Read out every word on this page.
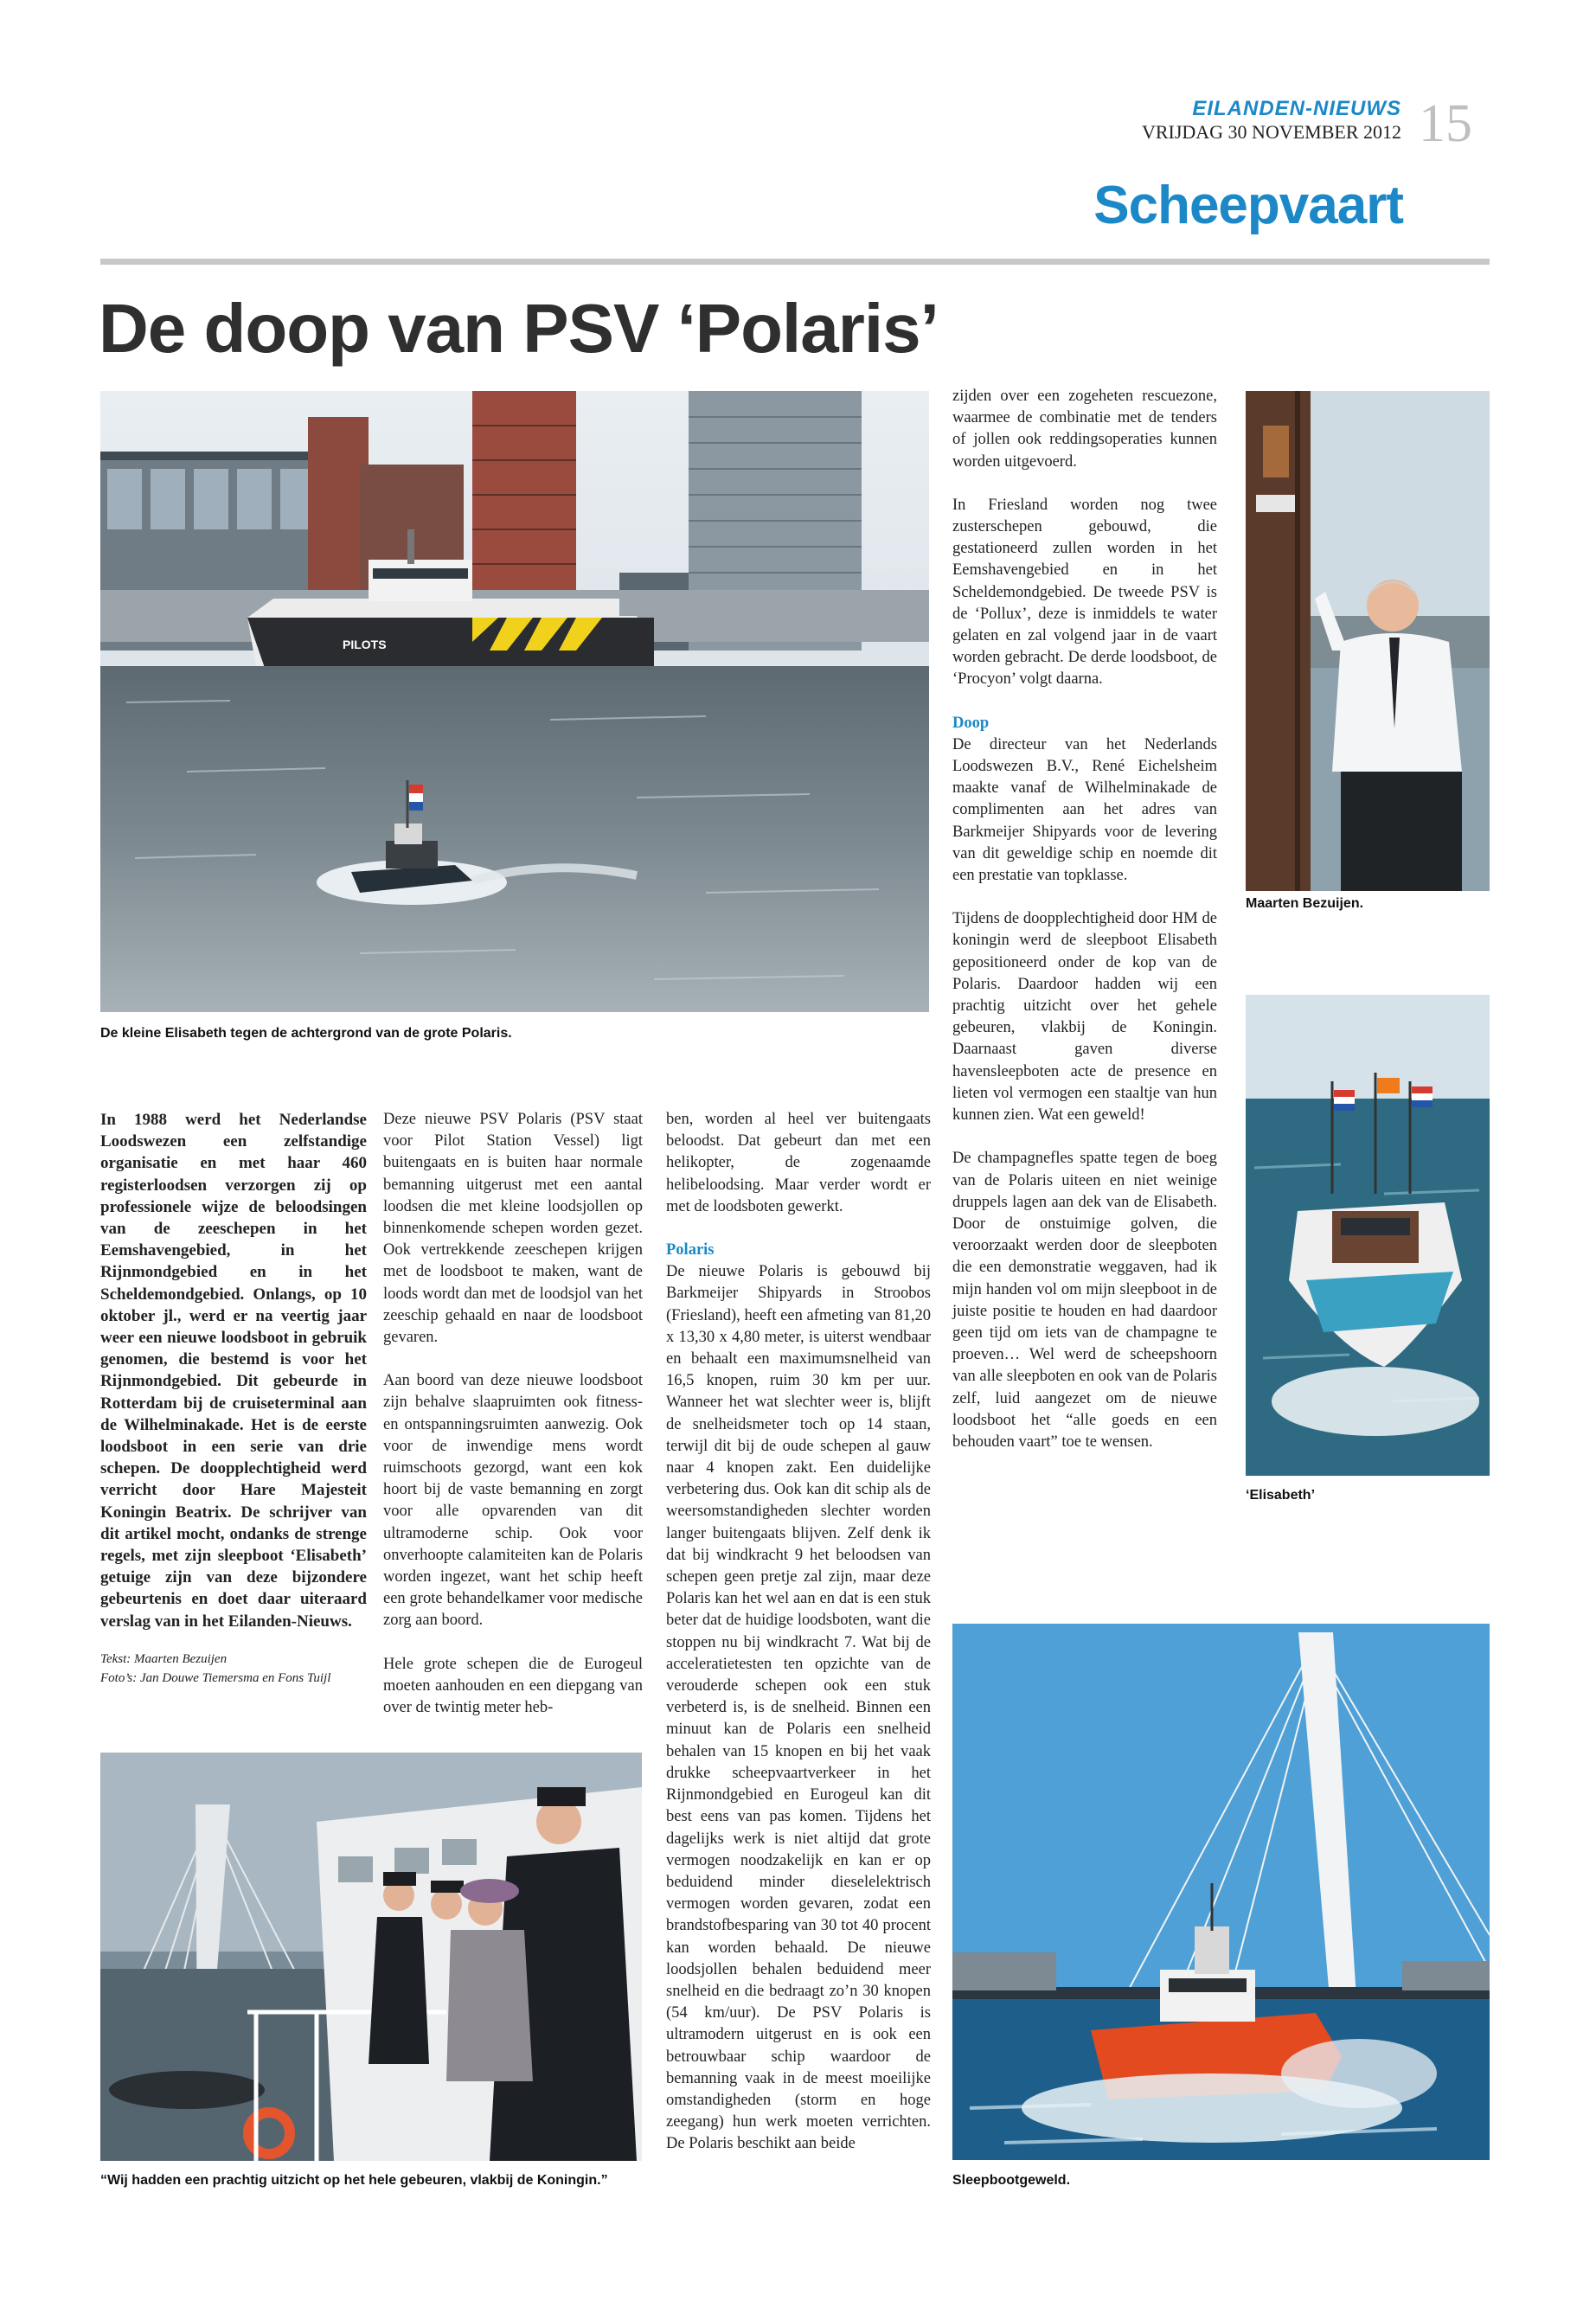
EILANDEN-NIEUWS
VRIJDAG 30 NOVEMBER 2012 15
Scheepvaart
De doop van PSV ‘Polaris’
PILOTS
De kleine Elisabeth tegen de achtergrond van de grote Polaris.
Maarten Bezuijen.
‘Elisabeth’
“Wij hadden een prachtig uitzicht op het hele gebeuren, vlakbij de Koningin.”	Sleepbootgeweld.

In 1988 werd het Nederlandse Loodswezen een zelfstandige organisatie en met haar 460 registerloodsen verzorgen zij op professionele wijze de beloodsingen van de zeeschepen in het Eemshavengebied, in het Rijnmondgebied en in het Scheldemondgebied. Onlangs, op 10 oktober jl., werd er na veertig jaar weer een nieuwe loodsboot in gebruik genomen, die bestemd is voor het Rijnmondgebied. Dit gebeurde in Rotterdam bij de cruiseterminal aan de Wilhelminakade. Het is de eerste loodsboot in een serie van drie schepen. De doopplechtigheid werd verricht door Hare Majesteit Koningin Beatrix. De schrijver van dit artikel mocht, ondanks de strenge regels, met zijn sleepboot ‘Elisabeth’ getuige zijn van deze bijzondere gebeurtenis en doet daar uiteraard verslag van in het Eilanden-Nieuws.

Tekst: Maarten Bezuijen
Foto’s: Jan Douwe Tiemersma en Fons Tuijl

Deze nieuwe PSV Polaris (PSV staat voor Pilot Station Vessel) ligt buitengaats en is buiten haar normale bemanning uitgerust met een aantal loodsen die met kleine loodsjollen op binnenkomende schepen worden gezet. Ook vertrekkende zeeschepen krijgen met de loodsboot te maken, want de loods wordt dan met de loodsjol van het zeeschip gehaald en naar de loodsboot gevaren.

Aan boord van deze nieuwe loodsboot zijn behalve slaapruimten ook fitness- en ontspanningsruimten aanwezig. Ook voor de inwendige mens wordt ruimschoots gezorgd, want een kok hoort bij de vaste bemanning en zorgt voor alle opvarenden van dit ultramoderne schip. Ook voor onverhoopte calamiteiten kan de Polaris worden ingezet, want het schip heeft een grote behandelkamer voor medische zorg aan boord.

Hele grote schepen die de Eurogeul moeten aanhouden en een diepgang van over de twintig meter heb-

ben, worden al heel ver buitengaats beloodst. Dat gebeurt dan met een helikopter, de zogenaamde helibeloodsing. Maar verder wordt er met de loodsboten gewerkt.

Polaris

De nieuwe Polaris is gebouwd bij Barkmeijer Shipyards in Stroobos (Friesland), heeft een afmeting van 81,20 x 13,30 x 4,80 meter, is uiterst wendbaar en behaalt een maximumsnelheid van 16,5 knopen, ruim 30 km per uur. Wanneer het wat slechter weer is, blijft de snelheidsmeter toch op 14 staan, terwijl dit bij de oude schepen al gauw naar 4 knopen zakt. Een duidelijke verbetering dus. Ook kan dit schip als de weersomstandigheden slechter worden langer buitengaats blijven. Zelf denk ik dat bij windkracht 9 het beloodsen van schepen geen pretje zal zijn, maar deze Polaris kan het wel aan en dat is een stuk beter dat de huidige loodsboten, want die stoppen nu bij windkracht 7. Wat bij de acceleratietesten ten opzichte van de verouderde schepen ook een stuk verbeterd is, is de snelheid. Binnen een minuut kan de Polaris een snelheid behalen van 15 knopen en bij het vaak drukke scheepvaartverkeer in het Rijnmondgebied en Eurogeul kan dit best eens van pas komen. Tijdens het dagelijks werk is niet altijd dat grote vermogen noodzakelijk en kan er op beduidend minder dieselelektrisch vermogen worden gevaren, zodat een brandstofbesparing van 30 tot 40 procent kan worden behaald. De nieuwe loodsjollen behalen beduidend meer snelheid en die bedraagt zo’n 30 knopen (54 km/uur). De PSV Polaris is ultramodern uitgerust en is ook een betrouwbaar schip waardoor de bemanning vaak in de meest moeilijke omstandigheden (storm en hoge zeegang) hun werk moeten verrichten. De Polaris beschikt aan beide

zijden over een zogeheten rescuezone, waarmee de combinatie met de tenders of jollen ook reddingsoperaties kunnen worden uitgevoerd.

In Friesland worden nog twee zusterschepen gebouwd, die gestationeerd zullen worden in het Eemshavengebied en in het Scheldemondgebied. De tweede PSV is de ‘Pollux’, deze is inmiddels te water gelaten en zal volgend jaar in de vaart worden gebracht. De derde loodsboot, de ‘Procyon’ volgt daarna.

Doop

De directeur van het Nederlands Loodswezen B.V., René Eichelsheim maakte vanaf de Wilhelminakade de complimenten aan het adres van Barkmeijer Shipyards voor de levering van dit geweldige schip en noemde dit een prestatie van topklasse.

Tijdens de doopplechtigheid door HM de koningin werd de sleepboot Elisabeth gepositioneerd onder de kop van de Polaris. Daardoor hadden wij een prachtig uitzicht over het gehele gebeuren, vlakbij de Koningin. Daarnaast gaven diverse havensleepboten acte de presence en lieten vol vermogen een staaltje van hun kunnen zien. Wat een geweld!

De champagnefles spatte tegen de boeg van de Polaris uiteen en niet weinige druppels lagen aan dek van de Elisabeth. Door de onstuimige golven, die veroorzaakt werden door de sleepboten die een demonstratie weggaven, had ik mijn handen vol om mijn sleepboot in de juiste positie te houden en had daardoor geen tijd om iets van de champagne te proeven… Wel werd de scheepshoorn van alle sleepboten en ook van de Polaris zelf, luid aangezet om de nieuwe loodsboot het “alle goeds en een behouden vaart” toe te wensen.
